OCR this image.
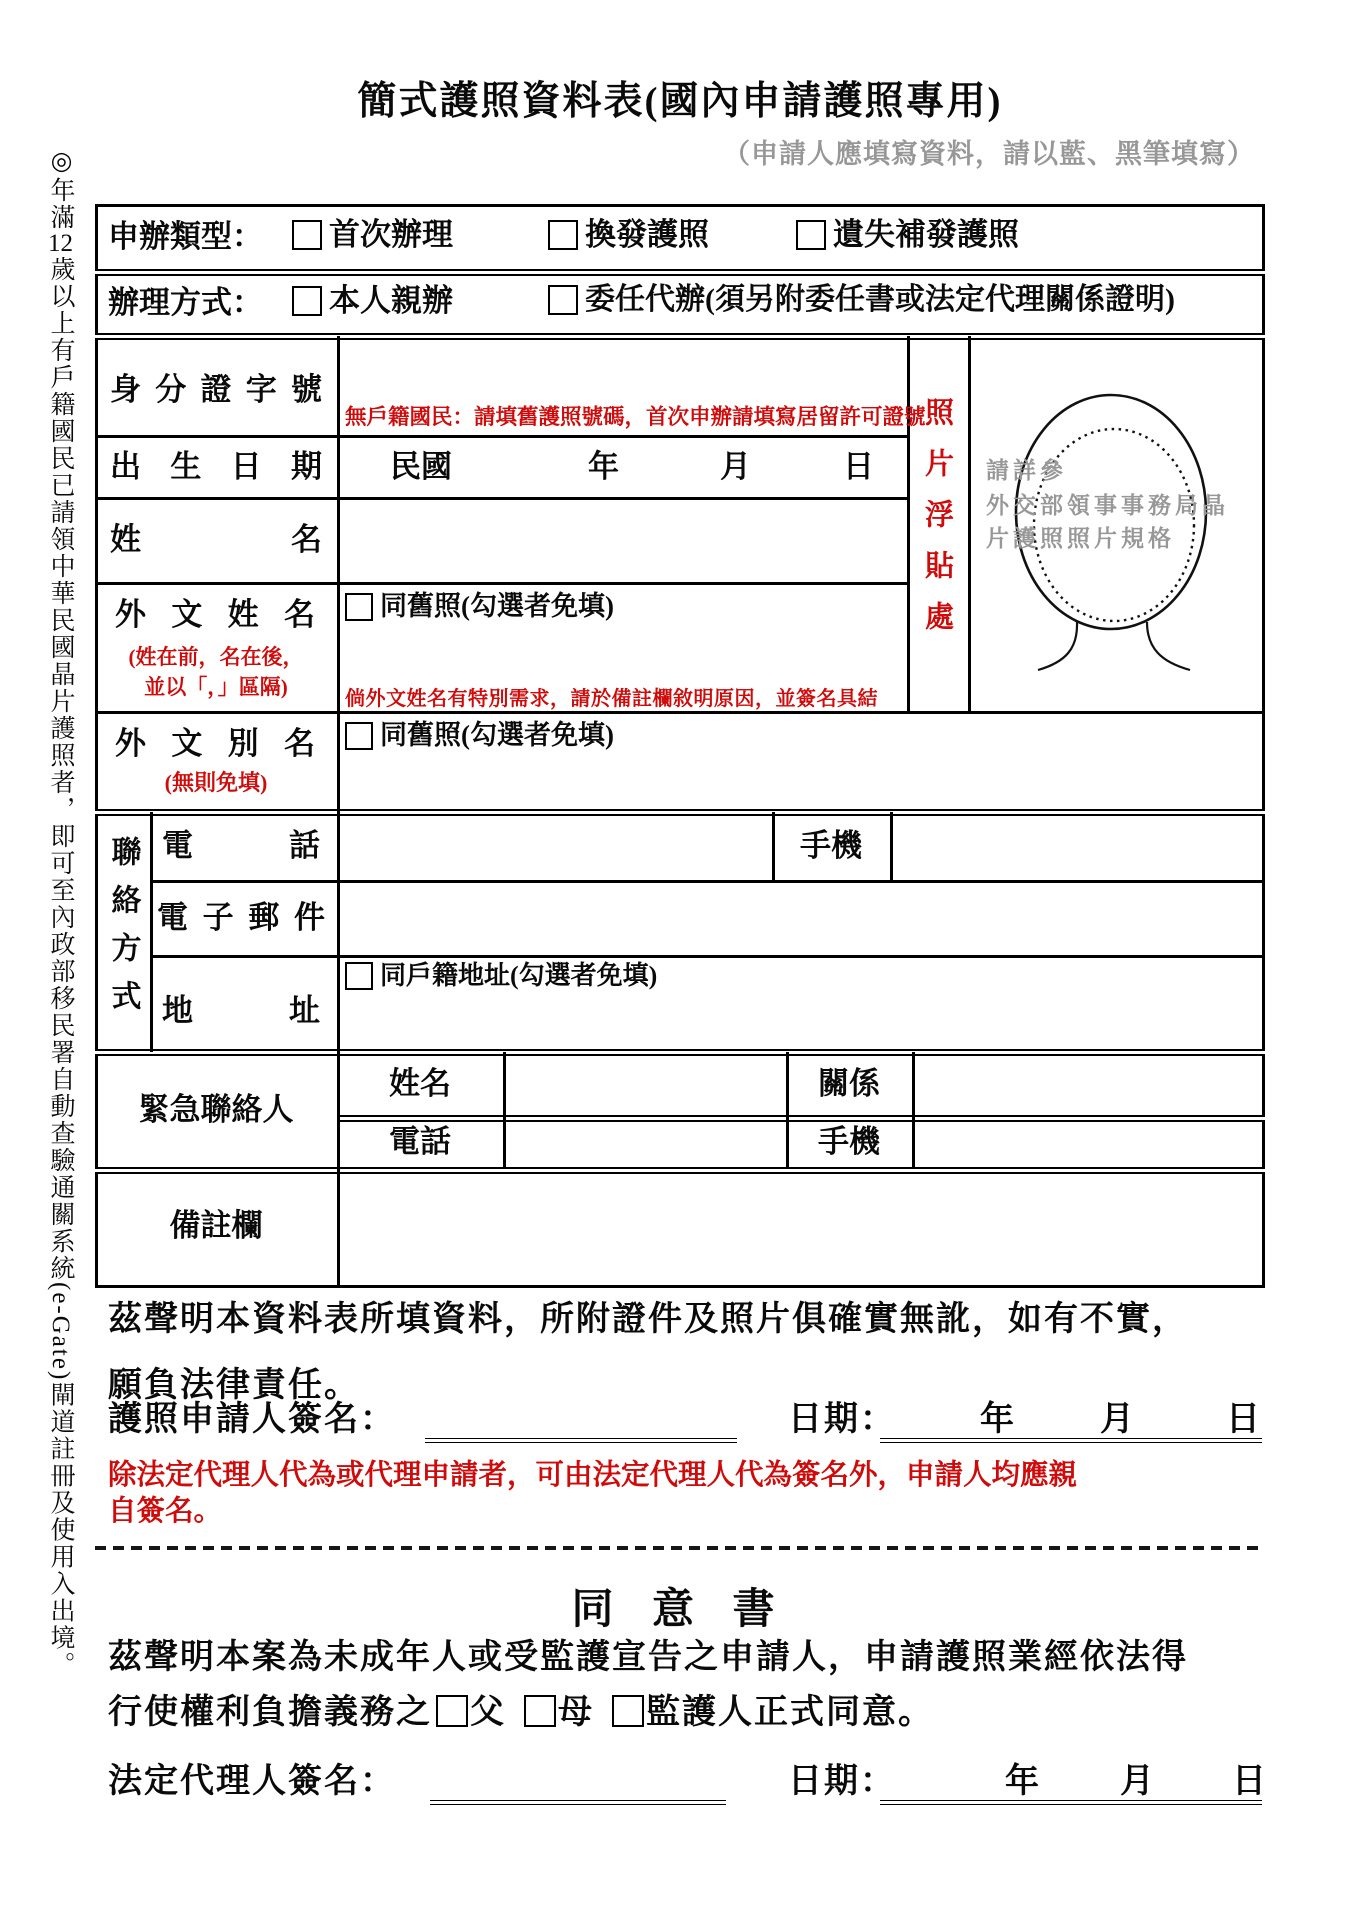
◎年滿12歲以上有戶籍國民已請領中華民國晶片護照者，即可至內政部移民署自動查驗通關系統(e-Gate)閘道註冊及使用入出境。
簡式護照資料表(國內申請護照專用)
（申請人應填寫資料，請以藍、黑筆填寫）
申辦類型： 首次辦理	換發護照	遺失補發護照
辦理方式： 本人親辦	委任代辦(須另附委任書或法定代理關係證明)
身分證字號
無戶籍國民：請填舊護照號碼，首次申辦請填寫居留許可證號
出生日期 民國	年	月	日
姓名
外文姓名
(姓在前，名在後，
並以「，」區隔)
同舊照(勾選者免填)
倘外文姓名有特別需求，請於備註欄敘明原因，並簽名具結
外文別名
(無則免填)
同舊照(勾選者免填)
照片浮貼處	請詳參
外交部領事事務局晶
片護照照片規格
聯絡方式 電話	手機
電子郵件
地址
同戶籍地址(勾選者免填)
緊急聯絡人
姓名	關係
電話	手機
備註欄
茲聲明本資料表所填資料，所附證件及照片俱確實無訛，如有不實，
願負法律責任。
護照申請人簽名：	日期： 年 月	日
除法定代理人代為或代理申請者，可由法定代理人代為簽名外，申請人均應親
自簽名。
同 意 書
茲聲明本案為未成年人或受監護宣告之申請人，申請護照業經依法得
行使權利負擔義務之 父 母 監護人正式同意。
法定代理人簽名：	日期：	年 月 日
